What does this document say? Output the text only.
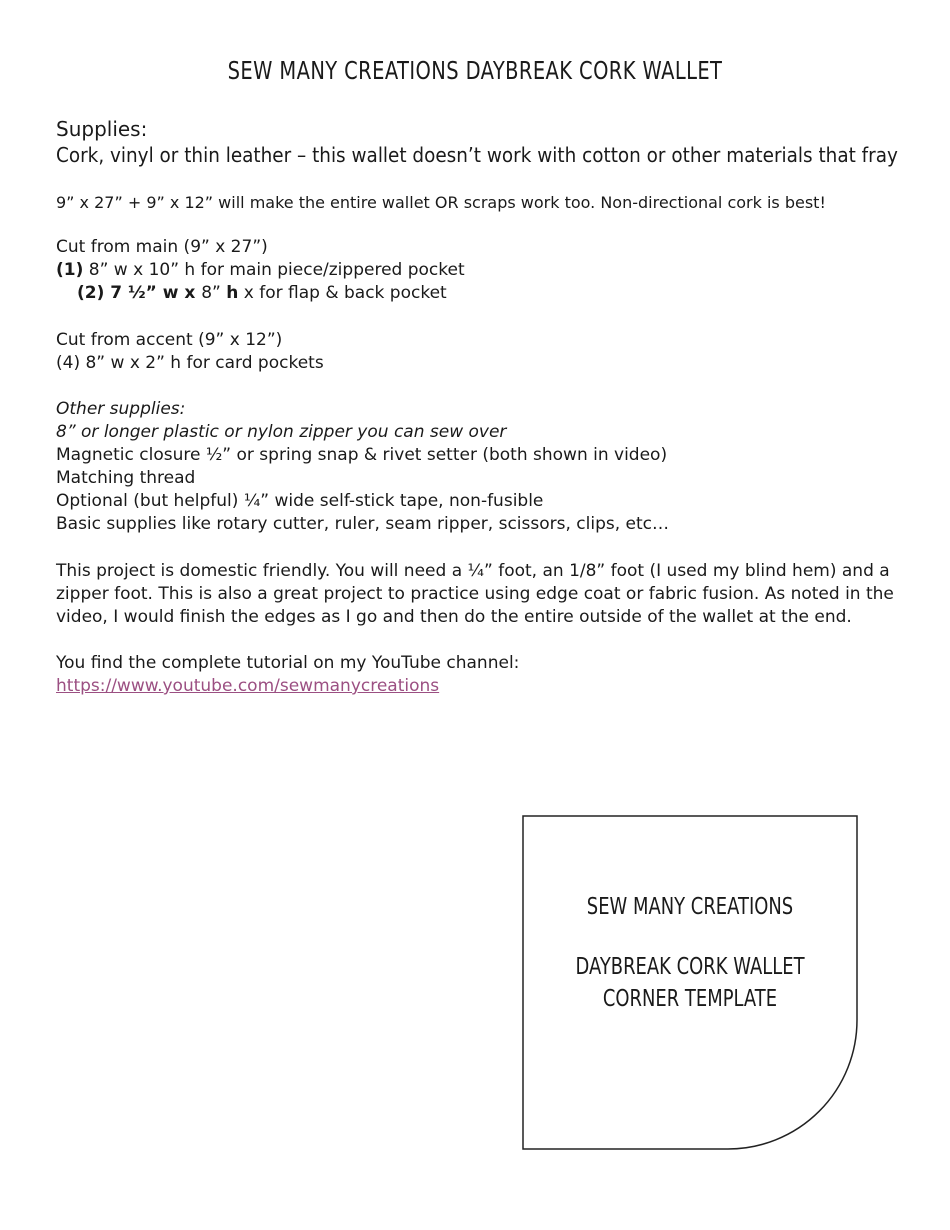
SEW MANY CREATIONS DAYBREAK CORK WALLET
Supplies:
Cork, vinyl or thin leather – this wallet doesn’t work with cotton or other materials that fray
9” x 27” + 9” x 12” will make the entire wallet OR scraps work too. Non-directional cork is best!
Cut from main (9” x 27”)
(1) 8” w x 10” h for main piece/zippered pocket
(2) 7 ½” w x 8” h x for flap & back pocket
Cut from accent (9” x 12”)
(4) 8” w x 2” h for card pockets
Other supplies:
8” or longer plastic or nylon zipper you can sew over
Magnetic closure ½” or spring snap & rivet setter (both shown in video)
Matching thread
Optional (but helpful) ¼” wide self-stick tape, non-fusible
Basic supplies like rotary cutter, ruler, seam ripper, scissors, clips, etc…
This project is domestic friendly. You will need a ¼” foot, an 1/8” foot (I used my blind hem) and a
zipper foot. This is also a great project to practice using edge coat or fabric fusion. As noted in the
video, I would finish the edges as I go and then do the entire outside of the wallet at the end.
You find the complete tutorial on my YouTube channel:
https://www.youtube.com/sewmanycreations
SEW MANY CREATIONS
DAYBREAK CORK WALLET
CORNER TEMPLATE
